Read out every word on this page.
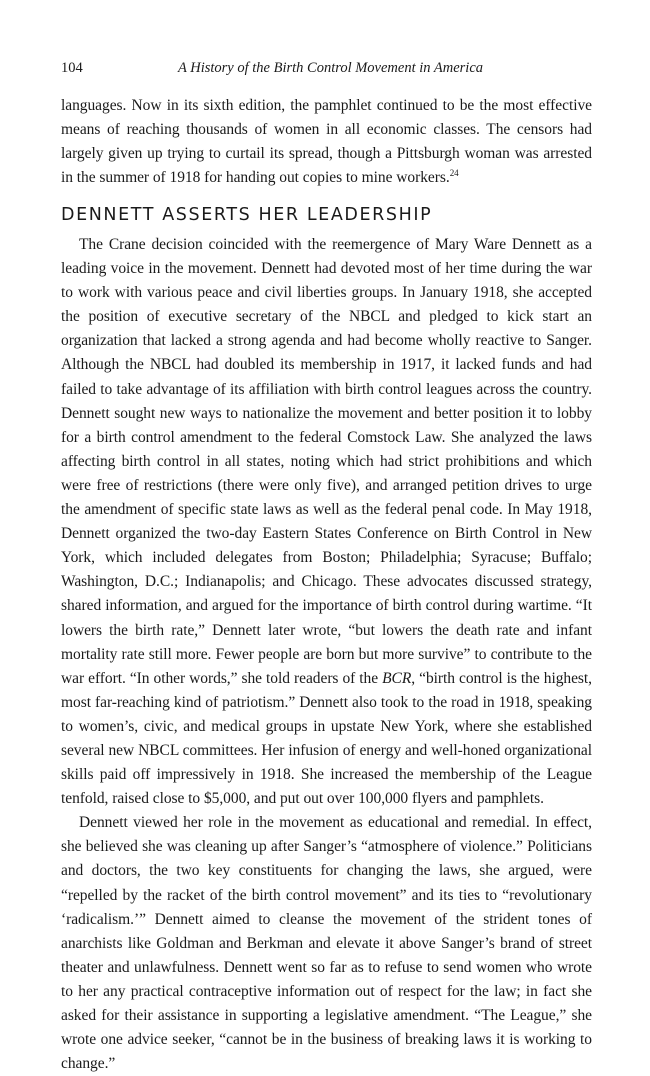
104	A History of the Birth Control Movement in America

languages. Now in its sixth edition, the pamphlet continued to be the most effective means of reaching thousands of women in all economic classes. The censors had largely given up trying to curtail its spread, though a Pittsburgh woman was arrested in the summer of 1918 for handing out copies to mine workers.$^{24}$

DENNETT ASSERTS HER LEADERSHIP

The Crane decision coincided with the reemergence of Mary Ware Dennett as a leading voice in the movement. Dennett had devoted most of her time during the war to work with various peace and civil liberties groups. In January 1918, she accepted the position of executive secretary of the NBCL and pledged to kick start an organization that lacked a strong agenda and had become wholly reactive to Sanger. Although the NBCL had doubled its membership in 1917, it lacked funds and had failed to take advantage of its affiliation with birth control leagues across the country. Dennett sought new ways to nationalize the movement and better position it to lobby for a birth control amendment to the federal Comstock Law. She analyzed the laws affecting birth control in all states, noting which had strict prohibitions and which were free of restrictions (there were only five), and arranged petition drives to urge the amendment of specific state laws as well as the federal penal code. In May 1918, Dennett organized the two-day Eastern States Conference on Birth Control in New York, which included delegates from Boston; Philadelphia; Syracuse; Buffalo; Washington, D.C.; Indianapolis; and Chicago. These advocates discussed strategy, shared information, and argued for the importance of birth control during wartime. “It lowers the birth rate,” Dennett later wrote, “but lowers the death rate and infant mortality rate still more. Fewer people are born but more survive” to contribute to the war effort. “In other words,” she told readers of the BCR, “birth control is the highest, most far-reaching kind of patriotism.” Dennett also took to the road in 1918, speaking to women’s, civic, and medical groups in upstate New York, where she established several new NBCL committees. Her infusion of energy and well-honed organizational skills paid off impressively in 1918. She increased the membership of the League tenfold, raised close to $5,000, and put out over 100,000 flyers and pamphlets.

Dennett viewed her role in the movement as educational and remedial. In effect, she believed she was cleaning up after Sanger’s “atmosphere of violence.” Politicians and doctors, the two key constituents for changing the laws, she argued, were “repelled by the racket of the birth control movement” and its ties to “revolutionary ‘radicalism.’” Dennett aimed to cleanse the movement of the strident tones of anarchists like Goldman and Berkman and elevate it above Sanger’s brand of street theater and unlawfulness. Dennett went so far as to refuse to send women who wrote to her any practical contraceptive information out of respect for the law; in fact she asked for their assistance in supporting a legislative amendment. “The League,” she wrote one advice seeker, “cannot be in the business of breaking laws it is working to change.”
